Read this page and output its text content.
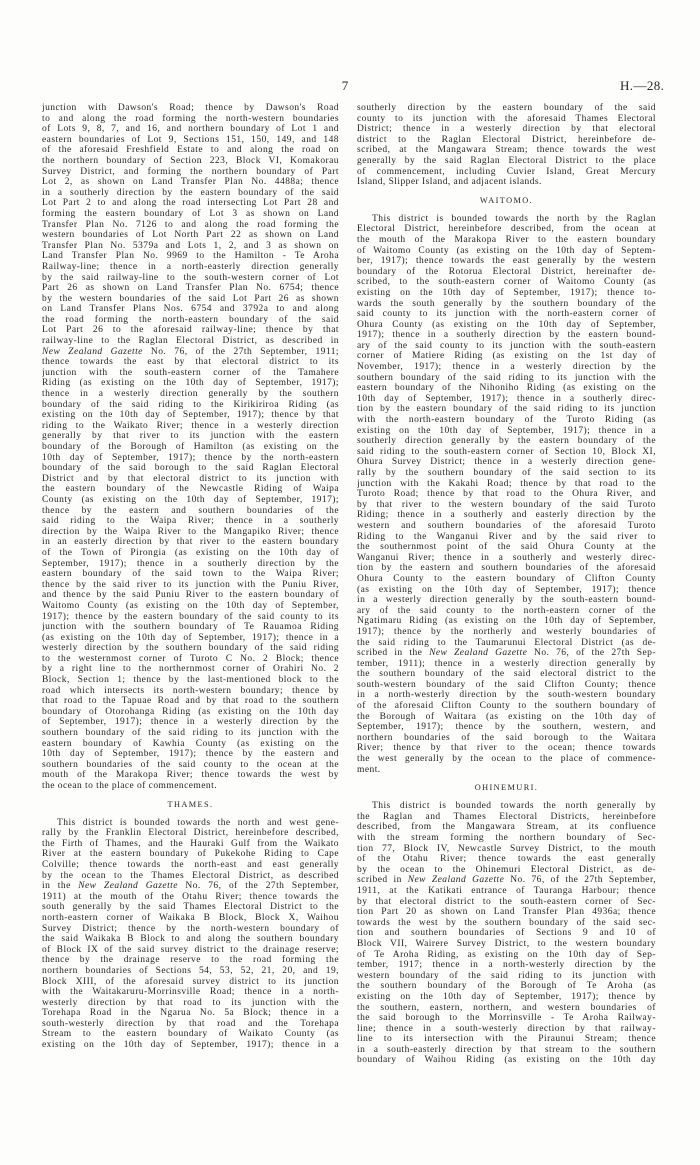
7	H.—28.
junction with Dawson's Road; thence by Dawson's Road
to and along the road forming the north-western boundaries
of Lots 9, 8, 7, and 16, and northern boundary of Lot 1 and
eastern boundaries of Lot 9, Sections 151, 150, 149, and 148
of the aforesaid Freshfield Estate to and along the road on
the northern boundary of Section 223, Block VI, Komakorau
Survey District, and forming the northern boundary of Part
Lot 2, as shown on Land Transfer Plan No. 4488a; thence
in a southerly direction by the eastern boundary of the said
Lot Part 2 to and along the road intersecting Lot Part 28 and
forming the eastern boundary of Lot 3 as shown on Land
Transfer Plan No. 7126 to and along the road forming the
western boundaries of Lot North Part 22 as shown on Land
Transfer Plan No. 5379a and Lots 1, 2, and 3 as shown on
Land Transfer Plan No. 9969 to the Hamilton - Te Aroha
Railway-line; thence in a north-easterly direction generally
by the said railway-line to the south-western corner of Lot
Part 26 as shown on Land Transfer Plan No. 6754; thence
by the western boundaries of the said Lot Part 26 as shown
on Land Transfer Plans Nos. 6754 and 3792a to and along
the road forming the north-eastern boundary of the said
Lot Part 26 to the aforesaid railway-line; thence by that
railway-line to the Raglan Electoral District, as described in
New Zealand Gazette No. 76, of the 27th September, 1911;
thence towards the east by that electoral district to its
junction with the south-eastern corner of the Tamahere
Riding (as existing on the 10th day of September, 1917);
thence in a westerly direction generally by the southern
boundary of the said riding to the Kirikiriroa Riding (as
existing on the 10th day of September, 1917); thence by that
riding to the Waikato River; thence in a westerly direction
generally by that river to its junction with the eastern
boundary of the Borough of Hamilton (as existing on the
10th day of September, 1917); thence by the north-eastern
boundary of the said borough to the said Raglan Electoral
District and by that electoral district to its junction with
the eastern boundary of the Newcastle Riding of Waipa
County (as existing on the 10th day of September, 1917);
thence by the eastern and southern boundaries of the
said riding to the Waipa River; thence in a southerly
direction by the Waipa River to the Mangapiko River; thence
in an easterly direction by that river to the eastern boundary
of the Town of Pirongia (as existing on the 10th day of
September, 1917); thence in a southerly direction by the
eastern boundary of the said town to the Waipa River;
thence by the said river to its junction with the Puniu River,
and thence by the said Puniu River to the eastern boundary of
Waitomo County (as existing on the 10th day of September,
1917); thence by the eastern boundary of the said county to its
junction with the southern boundary of Te Rauamoa Riding
(as existing on the 10th day of September, 1917); thence in a
westerly direction by the southern boundary of the said riding
to the westernmost corner of Turoto C No. 2 Block; thence
by a right line to the northernmost corner of Orahiri No. 2
Block, Section 1; thence by the last-mentioned block to the
road which intersects its north-western boundary; thence by
that road to the Tapuae Road and by that road to the southern
boundary of Otorohanga Riding (as existing on the 10th day
of September, 1917); thence in a westerly direction by the
southern boundary of the said riding to its junction with the
eastern boundary of Kawhia County (as existing on the
10th day of September, 1917); thence by the eastern and
southern boundaries of the said county to the ocean at the
mouth of the Marakopa River; thence towards the west by
the ocean to the place of commencement.
THAMES.
This district is bounded towards the north and west gene-
rally by the Franklin Electoral District, hereinbefore described,
the Firth of Thames, and the Hauraki Gulf from the Waikato
River at the eastern boundary of Pukekohe Riding to Cape
Colville; thence towards the north-east and east generally
by the ocean to the Thames Electoral District, as described
in the New Zealand Gazette No. 76, of the 27th September,
1911) at the mouth of the Otahu River; thence towards the
south generally by the said Thames Electoral District to the
north-eastern corner of Waikaka B Block, Block X, Waihou
Survey District; thence by the north-western boundary of
the said Waikaka B Block to and along the southern boundary
of Block IX of the said survey district to the drainage reserve;
thence by the drainage reserve to the road forming the
northern boundaries of Sections 54, 53, 52, 21, 20, and 19,
Block XIII, of the aforesaid survey district to its junction
with the Waitakaruru-Morrinsville Road; thence in a north-
westerly direction by that road to its junction with the
Torehapa Road in the Ngarua No. 5a Block; thence in a
south-westerly direction by that road and the Torehapa
Stream to the eastern boundary of Waikato County (as
existing on the 10th day of September, 1917); thence in a
southerly direction by the eastern boundary of the said
county to its junction with the aforesaid Thames Electoral
District; thence in a westerly direction by that electoral
district to the Raglan Electoral District, hereinbefore de-
scribed, at the Mangawara Stream; thence towards the west
generally by the said Raglan Electoral District to the place
of commencement, including Cuvier Island, Great Mercury
Island, Slipper Island, and adjacent islands.
WAITOMO.
This district is bounded towards the north by the Raglan
Electoral District, hereinbefore described, from the ocean at
the mouth of the Marakopa River to the eastern boundary
of Waitomo County (as existing on the 10th day of Septem-
ber, 1917); thence towards the east generally by the western
boundary of the Rotorua Electoral District, hereinafter de-
scribed, to the south-eastern corner of Waitomo County (as
existing on the 10th day of September, 1917); thence to-
wards the south generally by the southern boundary of the
said county to its junction with the north-eastern corner of
Ohura County (as existing on the 10th day of September,
1917); thence in a southerly direction by the eastern bound-
ary of the said county to its junction with the south-eastern
corner of Matiere Riding (as existing on the 1st day of
November, 1917); thence in a westerly direction by the
southern boundary of the said riding to its junction with the
eastern boundary of the Nihoniho Riding (as existing on the
10th day of September, 1917); thence in a southerly direc-
tion by the eastern boundary of the said riding to its junction
with the north-eastern boundary of the Turoto Riding (as
existing on the 10th day of September, 1917); thence in a
southerly direction generally by the eastern boundary of the
said riding to the south-eastern corner of Section 10, Block XI,
Ohura Survey District; thence in a westerly direction gene-
rally by the southern boundary of the said section to its
junction with the Kakahi Road; thence by that road to the
Turoto Road; thence by that road to the Ohura River, and
by that river to the western boundary of the said Turoto
Riding; thence in a southerly and easterly direction by the
western and southern boundaries of the aforesaid Turoto
Riding to the Wanganui River and by the said river to
the southernmost point of the said Ohura County at the
Wanganui River; thence in a southerly and westerly direc-
tion by the eastern and southern boundaries of the aforesaid
Ohura County to the eastern boundary of Clifton County
(as existing on the 10th day of September, 1917); thence
in a westerly direction generally by the south-eastern bound-
ary of the said county to the north-eastern corner of the
Ngatimaru Riding (as existing on the 10th day of September,
1917); thence by the northerly and westerly boundaries of
the said riding to the Taumarunui Electoral District (as de-
scribed in the New Zealand Gazette No. 76, of the 27th Sep-
tember, 1911); thence in a westerly direction generally by
the southern boundary of the said electoral district to the
south-western boundary of the said Clifton County; thence
in a north-westerly direction by the south-western boundary
of the aforesaid Clifton County to the southern boundary of
the Borough of Waitara (as existing on the 10th day of
September, 1917); thence by the southern, western, and
northern boundaries of the said borough to the Waitara
River; thence by that river to the ocean; thence towards
the west generally by the ocean to the place of commence-
ment.
OHINEMURI.
This district is bounded towards the north generally by
the Raglan and Thames Electoral Districts, hereinbefore
described, from the Mangawara Stream, at its confluence
with the stream forming the northern boundary of Sec-
tion 77, Block IV, Newcastle Survey District, to the mouth
of the Otahu River; thence towards the east generally
by the ocean to the Ohinemuri Electoral District, as de-
scribed in New Zealand Gazette No. 76, of the 27th September,
1911, at the Katikati entrance of Tauranga Harbour; thence
by that electoral district to the south-eastern corner of Sec-
tion Part 20 as shown on Land Transfer Plan 4936a; thence
towards the west by the southern boundary of the said sec-
tion and southern boundaries of Sections 9 and 10 of
Block VII, Wairere Survey District, to the western boundary
of Te Aroha Riding, as existing on the 10th day of Sep-
tember, 1917; thence in a north-westerly direction by the
western boundary of the said riding to its junction with
the southern boundary of the Borough of Te Aroha (as
existing on the 10th day of September, 1917); thence by
the southern, eastern, northern, and western boundaries of
the said borough to the Morrinsville - Te Aroha Railway-
line; thence in a south-westerly direction by that railway-
line to its intersection with the Piraunui Stream; thence
in a south-easterly direction by that stream to the southern
boundary of Waihou Riding (as existing on the 10th day
